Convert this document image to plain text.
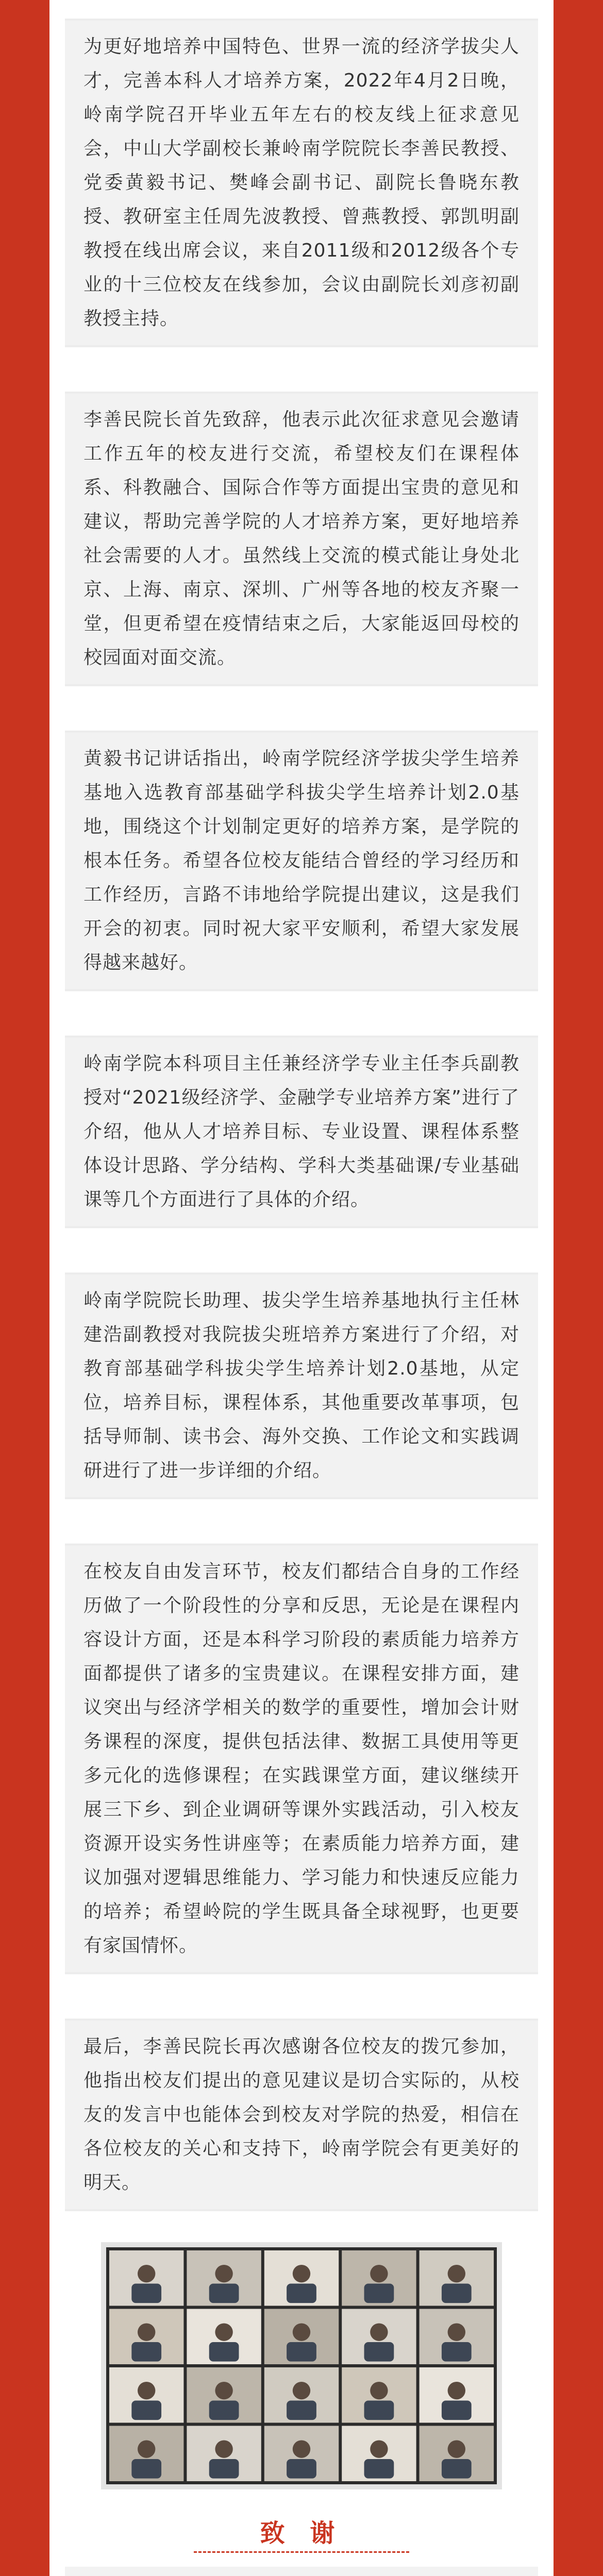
为更好地培养中国特色、世界一流的经济学拔尖人才，完善本科人才培养方案，2022年4月2日晚，岭南学院召开毕业五年左右的校友线上征求意见会，中山大学副校长兼岭南学院院长李善民教授、党委黄毅书记、樊峰会副书记、副院长鲁晓东教授、教研室主任周先波教授、曾燕教授、郭凯明副教授在线出席会议，来自2011级和2012级各个专业的十三位校友在线参加，会议由副院长刘彦初副教授主持。
李善民院长首先致辞，他表示此次征求意见会邀请工作五年的校友进行交流，希望校友们在课程体系、科教融合、国际合作等方面提出宝贵的意见和建议，帮助完善学院的人才培养方案，更好地培养社会需要的人才。虽然线上交流的模式能让身处北京、上海、南京、深圳、广州等各地的校友齐聚一堂，但更希望在疫情结束之后，大家能返回母校的校园面对面交流。
黄毅书记讲话指出，岭南学院经济学拔尖学生培养基地入选教育部基础学科拔尖学生培养计划2.0基地，围绕这个计划制定更好的培养方案，是学院的根本任务。希望各位校友能结合曾经的学习经历和工作经历，言路不讳地给学院提出建议，这是我们开会的初衷。同时祝大家平安顺利，希望大家发展得越来越好。
岭南学院本科项目主任兼经济学专业主任李兵副教授对“2021级经济学、金融学专业培养方案”进行了介绍，他从人才培养目标、专业设置、课程体系整体设计思路、学分结构、学科大类基础课/专业基础课等几个方面进行了具体的介绍。
岭南学院院长助理、拔尖学生培养基地执行主任林建浩副教授对我院拔尖班培养方案进行了介绍，对教育部基础学科拔尖学生培养计划2.0基地，从定位，培养目标，课程体系，其他重要改革事项，包括导师制、读书会、海外交换、工作论文和实践调研进行了进一步详细的介绍。
在校友自由发言环节，校友们都结合自身的工作经历做了一个阶段性的分享和反思，无论是在课程内容设计方面，还是本科学习阶段的素质能力培养方面都提供了诸多的宝贵建议。在课程安排方面，建议突出与经济学相关的数学的重要性，增加会计财务课程的深度，提供包括法律、数据工具使用等更多元化的选修课程；在实践课堂方面，建议继续开展三下乡、到企业调研等课外实践活动，引入校友资源开设实务性讲座等；在素质能力培养方面，建议加强对逻辑思维能力、学习能力和快速反应能力的培养；希望岭院的学生既具备全球视野，也更要有家国情怀。
最后，李善民院长再次感谢各位校友的拨冗参加，他指出校友们提出的意见建议是切合实际的，从校友的发言中也能体会到校友对学院的热爱，相信在各位校友的关心和支持下，岭南学院会有更美好的明天。
致 谢
